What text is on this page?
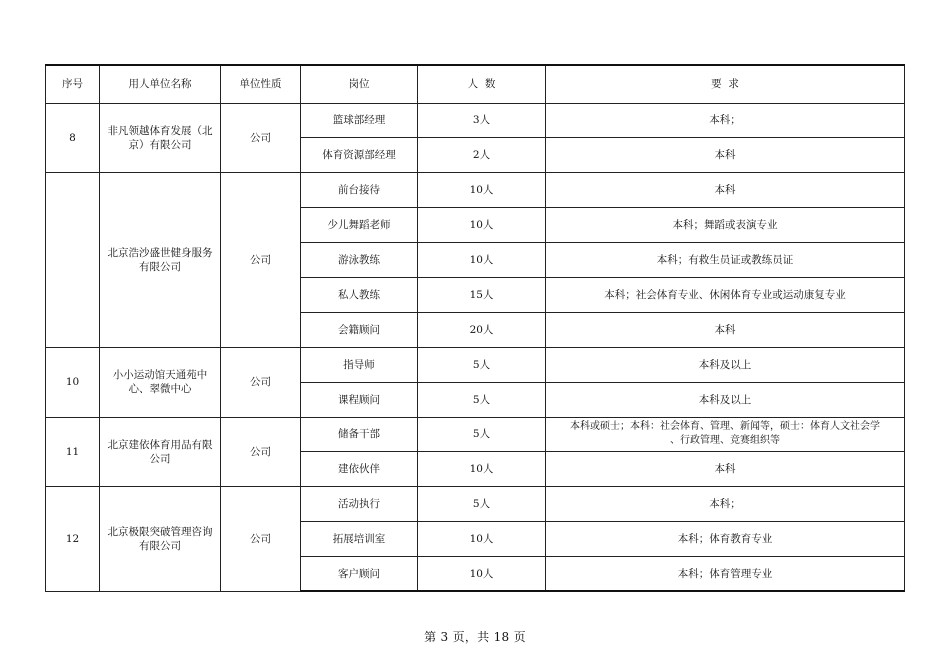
序号	用人单位名称	单位性质	岗位	人  数	要  求
8	非凡领越体育发展（北京）有限公司	公司	篮球部经理	3人	本科；
			体育资源部经理	2人	本科
	北京浩沙盛世健身服务有限公司	公司	前台接待	10人	本科
			少儿舞蹈老师	10人	本科；舞蹈或表演专业
			游泳教练	10人	本科；有救生员证或教练员证
			私人教练	15人	本科；社会体育专业、休闲体育专业或运动康复专业
			会籍顾问	20人	本科
10	小小运动馆天通苑中心、翠微中心	公司	指导师	5人	本科及以上
			课程顾问	5人	本科及以上
11	北京建依体育用品有限公司	公司	储备干部	5人	本科或硕士；本科：社会体育、管理、新闻等，硕士：体育人文社会学
、行政管理、竞赛组织等

			建依伙伴	10人	本科
12	北京极限突破管理咨询有限公司	公司	活动执行	5人	本科；
			拓展培训室	10人	本科；体育教育专业
			客户顾问	10人	本科；体育管理专业
第 3 页，共 18 页
